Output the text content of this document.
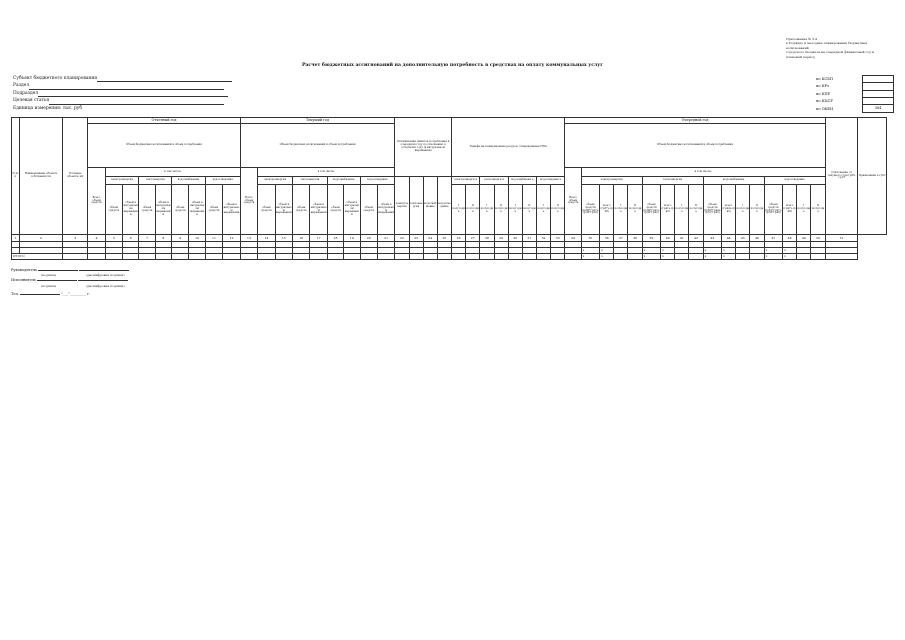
Приложение № 3.4
к Порядку и методике планирования бюджетных ассигнований
городского бюджета на очередной финансовый год и
плановый период
Расчет бюджетных ассигнований на дополнительную потребность в средствах на оплату коммунальных услуг
Субъект бюджетного планирования
Раздел
Подраздел
Целевая статья
Единица измерения: тыс. руб
по КСБП
по КРз
по КПР
по КЦСР
по ОКЕИ	384
№ п/п	Наименование объекта собственности	Площадь объекта, м2	Отчетный год									Текущий год									Оптимизация лимитов потребления в очередном году по отношению к отчетному году (в натуральном выражении)				Тарифы на коммунальные ресурсы, утвержденные НПА								Очередной год																	Отклонение от текущего года гр35-гр13	Примечание к гр51
			Объем бюджетных ассигнований и объем потребления									Объем бюджетных ассигнований и объем потребления																					Объем бюджетных ассигнований и объем потребления																		
			Всего объем средств	в том числе:								Всего объем средств	в том числе:																				Всего объем средств	в том числе:																	
				электроэнергия		теплоэнергия		водоснабжение		водоотведение			электроэнергия		теплоэнергия		водоснабжение		водоотведение		электроэнергия	теплоэнергия	водоснабжение	водоотведение	электроэнерги я		теплоэнерги я		водоснабжени е		водоотведени е			электроэнергия				теплоэнергия				водоснабжение				водоотведение					
				объем средств	объем в натуральном выражении	объем средств	объем в натуральном выражении	объем средств	объем в натуральном выражении	объем средств	объем в натуральном выражении		объем средств	объем в натуральном выражении	объем средств	объем в натуральном выражении	объем средств	объем в натуральном выражении	объем средств	объем в натуральном выражении					I полугодие	II полугодие	I полугодие	II полугодие	I полугодие	II полугодие	I полугодие	II полугодие		объем средств (гр36*гр37+гр36*гр38)	всего (гр37+гр38)	I полугодие	II полугодие	объем средств (гр39*гр41+гр39*гр42)	всего (гр41+гр42)	I полугодие	II полугодие	объем средств (гр30*гр44+гр31*гр45)	всего (гр44+гр45)	I полугодие	II полугодие	объем средств (гр32*гр47+гр33*гр48)	всего (гр47+гр48)	I полугодие	II полугодие		
1	2	3	4	5	6	7	8	9	10	11	12	13	14	15	16	17	18	19	20	21	22	23	24	25	26	27	28	29	30	31	32	33	34	35	36	37	38	39	40	41	42	43	44	45	46	47	48	49	50	51	

																																		х	х			х	х			х	х			х	х				
ИТОГО																																		х	х			х	х			х	х			х	х				
Руководитель
(подпись)	(расшифровка подписи)
Исполнитель
(подпись)	(расшифровка подписи)
Тел.	"___"_________ г.
